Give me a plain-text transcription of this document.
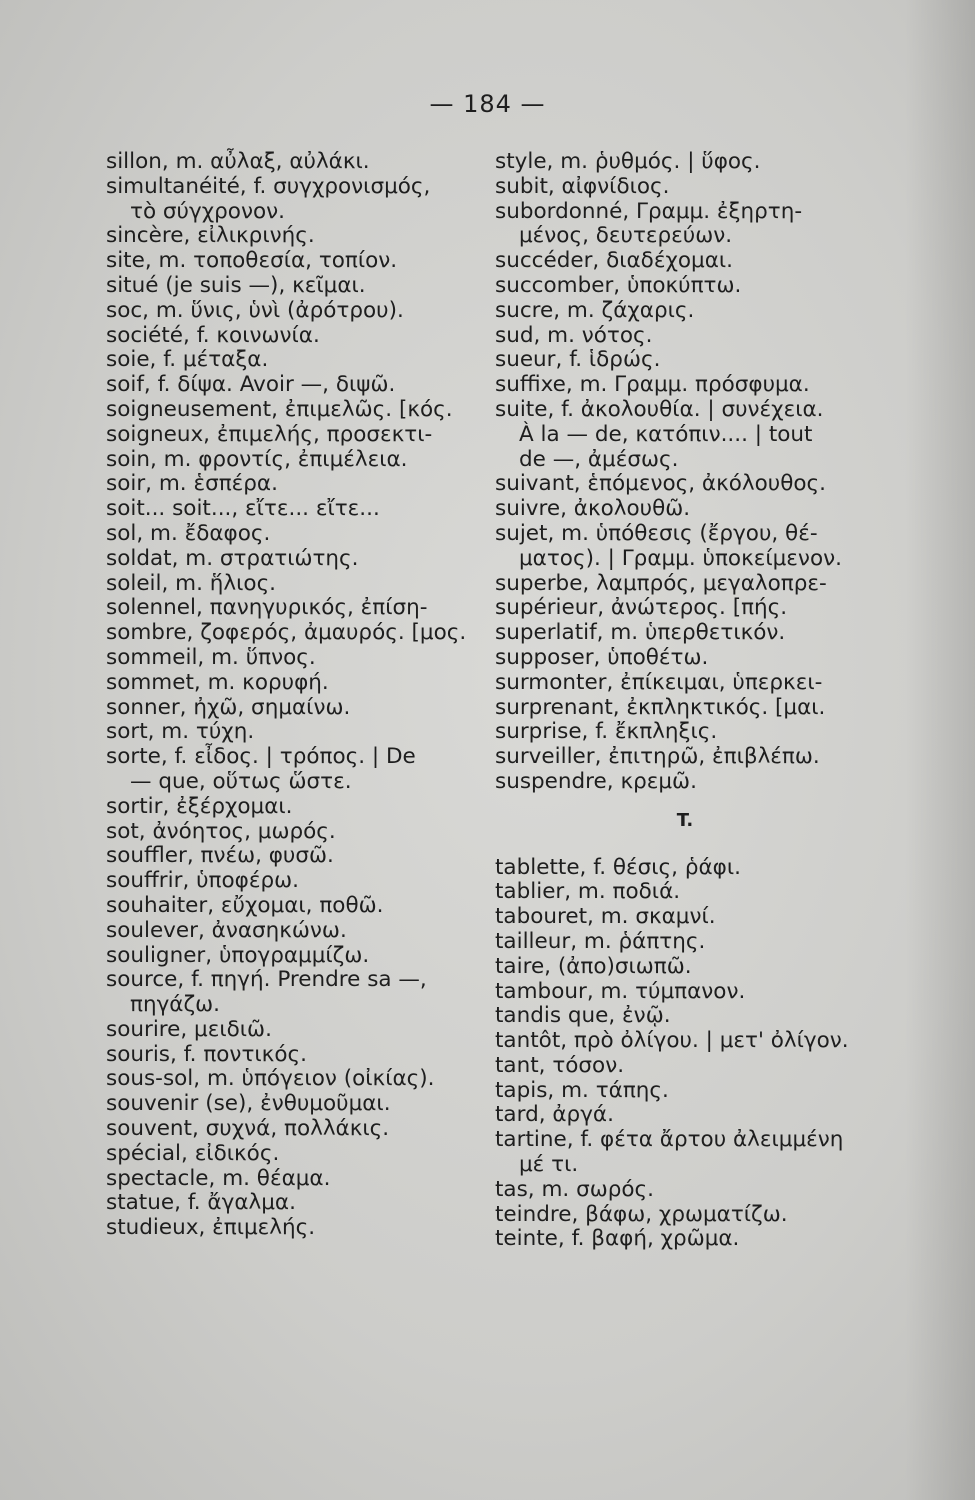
— 184 —
sillon, m. αὖλαξ, αὐλάκι.
simultanéité, f. συγχρονισμός,
τὸ σύγχρονον.
sincère, εἰλικρινής.
site, m. τοποθεσία, τοπίον.
situé (je suis —), κεῖμαι.
soc, m. ὕνις, ὑνὶ (ἀρότρου).
société, f. κοινωνία.
soie, f. μέταξα.
soif, f. δίψα. Avoir —, διψῶ.
soigneusement, ἐπιμελῶς. [κός.
soigneux, ἐπιμελής, προσεκτι-
soin, m. φροντίς, ἐπιμέλεια.
soir, m. ἑσπέρα.
soit... soit..., εἴτε... εἴτε...
sol, m. ἔδαφος.
soldat, m. στρατιώτης.
soleil, m. ἥλιος.
solennel, πανηγυρικός, ἐπίση-
sombre, ζοφερός, ἀμαυρός. [μος.
sommeil, m. ὕπνος.
sommet, m. κορυφή.
sonner, ἠχῶ, σημαίνω.
sort, m. τύχη.
sorte, f. εἶδος. | τρόπος. | De
— que, οὕτως ὥστε.
sortir, ἐξέρχομαι.
sot, ἀνόητος, μωρός.
souffler, πνέω, φυσῶ.
souffrir, ὑποφέρω.
souhaiter, εὔχομαι, ποθῶ.
soulever, ἀνασηκώνω.
souligner, ὑπογραμμίζω.
source, f. πηγή. Prendre sa —,
πηγάζω.
sourire, μειδιῶ.
souris, f. ποντικός.
sous-sol, m. ὑπόγειον (οἰκίας).
souvenir (se), ἐνθυμοῦμαι.
souvent, συχνά, πολλάκις.
spécial, εἰδικός.
spectacle, m. θέαμα.
statue, f. ἄγαλμα.
studieux, ἐπιμελής.
style, m. ῥυθμός. | ὕφος.
subit, αἰφνίδιος.
subordonné, Γραμμ. ἐξηρτη-
μένος, δευτερεύων.
succéder, διαδέχομαι.
succomber, ὑποκύπτω.
sucre, m. ζάχαρις.
sud, m. νότος.
sueur, f. ἱδρώς.
suffixe, m. Γραμμ. πρόσφυμα.
suite, f. ἀκολουθία. | συνέχεια.
À la — de, κατόπιν.... | tout
de —, ἀμέσως.
suivant, ἑπόμενος, ἀκόλουθος.
suivre, ἀκολουθῶ.
sujet, m. ὑπόθεσις (ἔργου, θέ-
ματος). | Γραμμ. ὑποκείμενον.
superbe, λαμπρός, μεγαλοπρε-
supérieur, ἀνώτερος. [πής.
superlatif, m. ὑπερθετικόν.
supposer, ὑποθέτω.
surmonter, ἐπίκειμαι, ὑπερκει-
surprenant, ἐκπληκτικός. [μαι.
surprise, f. ἔκπληξις.
surveiller, ἐπιτηρῶ, ἐπιβλέπω.
suspendre, κρεμῶ.
T.
tablette, f. θέσις, ῥάφι.
tablier, m. ποδιά.
tabouret, m. σκαμνί.
tailleur, m. ῥάπτης.
taire, (ἀπο)σιωπῶ.
tambour, m. τύμπανον.
tandis que, ἐνῷ.
tantôt, πρὸ ὀλίγου. | μετ' ὀλίγον.
tant, τόσον.
tapis, m. τάπης.
tard, ἀργά.
tartine, f. φέτα ἄρτου ἀλειμμένη
μέ τι.
tas, m. σωρός.
teindre, βάφω, χρωματίζω.
teinte, f. βαφή, χρῶμα.
